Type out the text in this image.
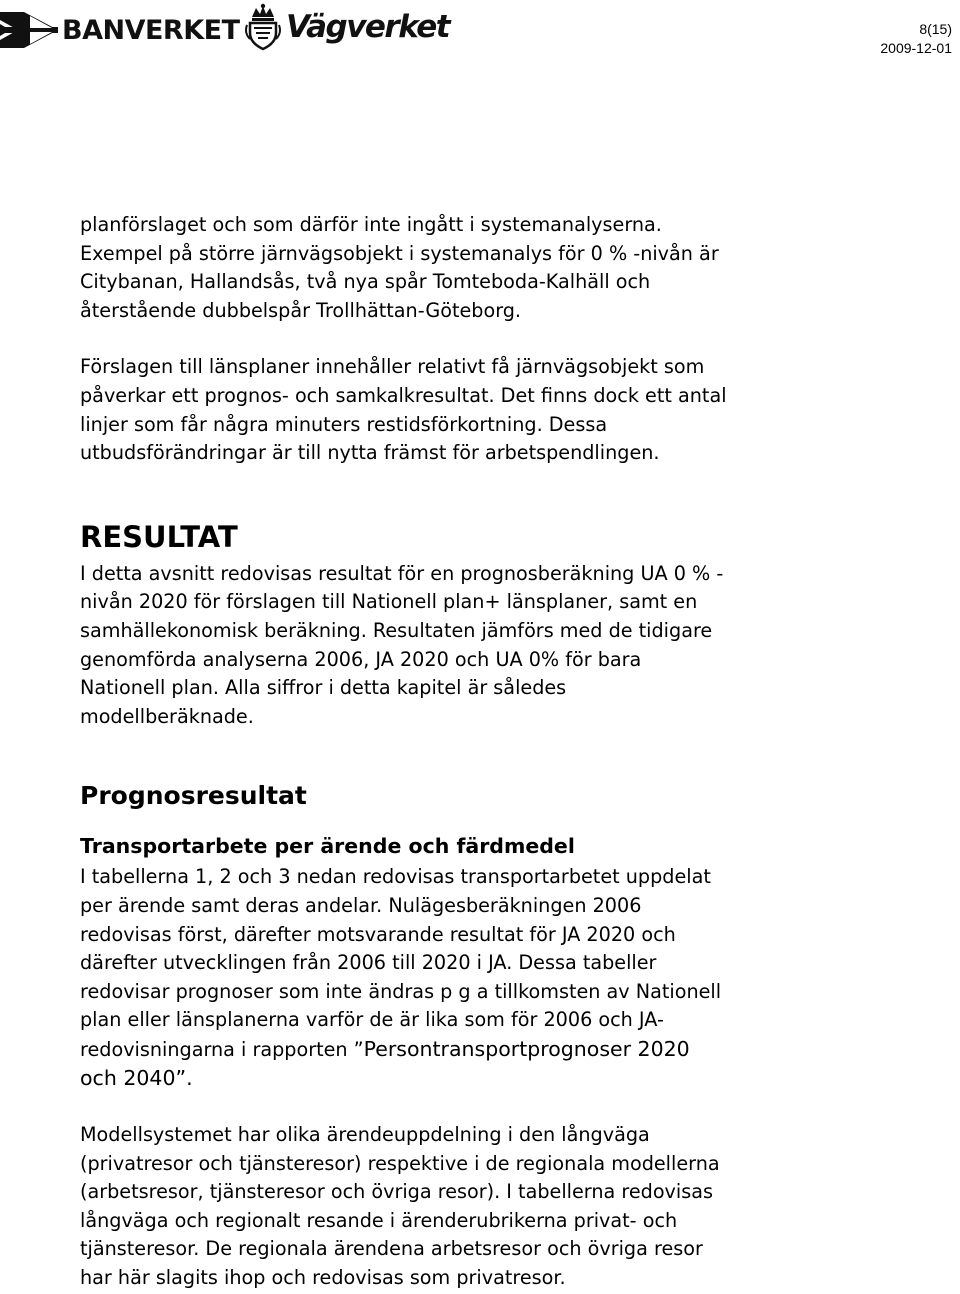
BANVERKET Vägverket	8(15)
2009-12-01

planförslaget och som därför inte ingått i systemanalyserna.

Exempel på större järnvägsobjekt i systemanalys för 0 % -nivån är

Citybanan, Hallandsås, två nya spår Tomteboda-Kalhäll och

återstående dubbelspår Trollhättan-Göteborg.

Förslagen till länsplaner innehåller relativt få järnvägsobjekt som

påverkar ett prognos- och samkalkresultat. Det finns dock ett antal

linjer som får några minuters restidsförkortning. Dessa

utbudsförändringar är till nytta främst för arbetspendlingen.

RESULTAT

I detta avsnitt redovisas resultat för en prognosberäkning UA 0 % -

nivån 2020 för förslagen till Nationell plan+ länsplaner, samt en

samhällekonomisk beräkning. Resultaten jämförs med de tidigare

genomförda analyserna 2006, JA 2020 och UA 0% för bara

Nationell plan. Alla siffror i detta kapitel är således

modellberäknade.

Prognosresultat
Transportarbete per ärende och färdmedel

I tabellerna 1, 2 och 3 nedan redovisas transportarbetet uppdelat

per ärende samt deras andelar. Nulägesberäkningen 2006

redovisas först, därefter motsvarande resultat för JA 2020 och

därefter utvecklingen från 2006 till 2020 i JA. Dessa tabeller

redovisar prognoser som inte ändras p g a tillkomsten av Nationell

plan eller länsplanerna varför de är lika som för 2006 och JA-

redovisningarna i rapporten ”Persontransportprognoser 2020

och 2040”.

Modellsystemet har olika ärendeuppdelning i den långväga

(privatresor och tjänsteresor) respektive i de regionala modellerna

(arbetsresor, tjänsteresor och övriga resor). I tabellerna redovisas

långväga och regionalt resande i ärenderubrikerna privat- och

tjänsteresor. De regionala ärendena arbetsresor och övriga resor

har här slagits ihop och redovisas som privatresor.
